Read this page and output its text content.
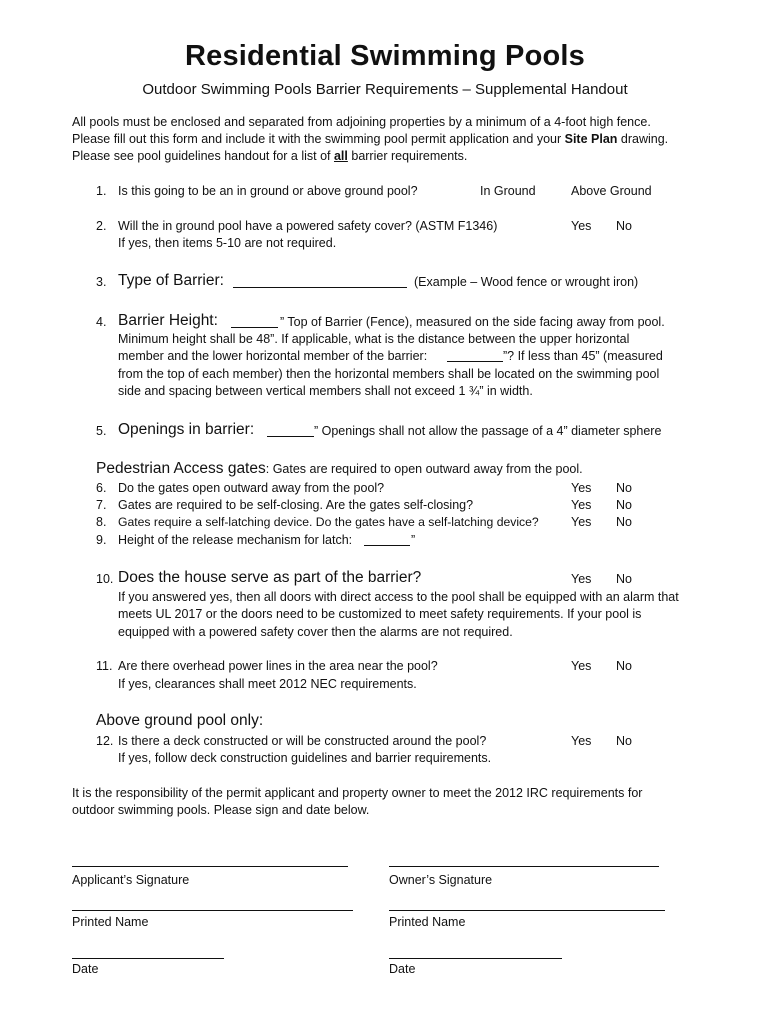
Residential Swimming Pools
Outdoor Swimming Pools Barrier Requirements – Supplemental Handout
All pools must be enclosed and separated from adjoining properties by a minimum of a 4-foot high fence.
Please fill out this form and include it with the swimming pool permit application and your Site Plan drawing.
Please see pool guidelines handout for a list of all barrier requirements.
1. Is this going to be an in ground or above ground pool?	In Ground	Above Ground
2. Will the in ground pool have a powered safety cover? (ASTM F1346)	Yes No
If yes, then items 5-10 are not required.
3. Type of Barrier:	(Example – Wood fence or wrought iron)
4. Barrier Height:	” Top of Barrier (Fence), measured on the side facing away from pool.
Minimum height shall be 48”. If applicable, what is the distance between the upper horizontal
member and the lower horizontal member of the barrier:	”? If less than 45” (measured
from the top of each member) then the horizontal members shall be located on the swimming pool
side and spacing between vertical members shall not exceed 1 ¾” in width.
5. Openings in barrier:	” Openings shall not allow the passage of a 4” diameter sphere
Pedestrian Access gates: Gates are required to open outward away from the pool.
6. Do the gates open outward away from the pool?	Yes No
7. Gates are required to be self-closing. Are the gates self-closing?	Yes No
8. Gates require a self-latching device. Do the gates have a self-latching device?	Yes No
9. Height of the release mechanism for latch:	”
10. Does the house serve as part of the barrier?	Yes No
If you answered yes, then all doors with direct access to the pool shall be equipped with an alarm that
meets UL 2017 or the doors need to be customized to meet safety requirements. If your pool is
equipped with a powered safety cover then the alarms are not required.
11. Are there overhead power lines in the area near the pool?	Yes No
If yes, clearances shall meet 2012 NEC requirements.
Above ground pool only:
12. Is there a deck constructed or will be constructed around the pool?	Yes No
If yes, follow deck construction guidelines and barrier requirements.
It is the responsibility of the permit applicant and property owner to meet the 2012 IRC requirements for
outdoor swimming pools. Please sign and date below.
Applicant’s Signature	Owner’s Signature
Printed Name	Printed Name
Date	Date
